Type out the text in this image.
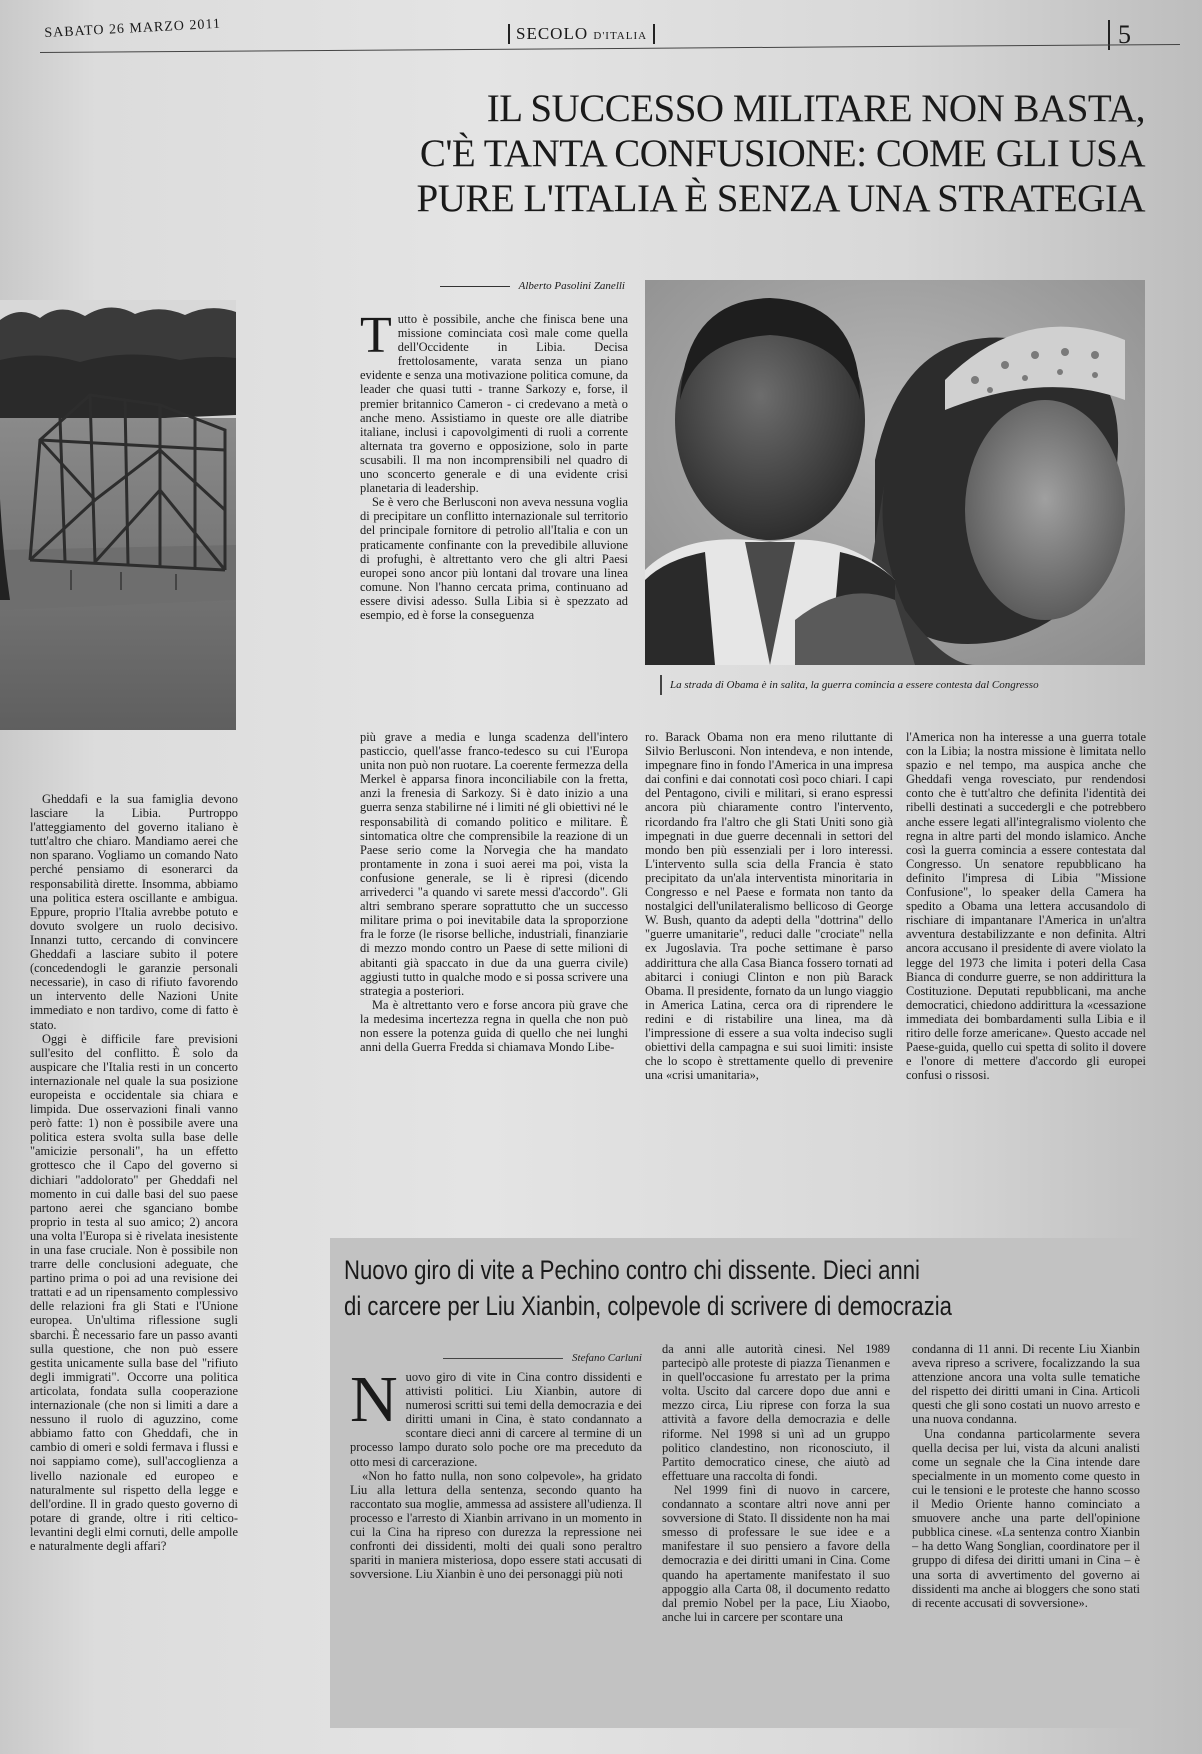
SABATO 26 MARZO 2011	SECOLO D'ITALIA	5
IL SUCCESSO MILITARE NON BASTA,
C'È TANTA CONFUSIONE: COME GLI USA
PURE L'ITALIA È SENZA UNA STRATEGIA
Alberto Pasolini Zanelli
La strada di Obama è in salita, la guerra comincia a essere contesta dal Congresso
T utto è possibile, anche che finisca bene una missione cominciata così male come quella dell'Occidente in Libia. Decisa frettolosamente, varata senza un piano evidente e senza una motivazione politica comune, da leader che quasi tutti - tranne Sarkozy e, forse, il premier britannico Cameron - ci credevano a metà o anche meno. Assistiamo in queste ore alle diatribe italiane, inclusi i capovolgimenti di ruoli a corrente alternata tra governo e opposizione, solo in parte scusabili. Il ma non incomprensibili nel quadro di uno sconcerto generale e di una evidente crisi planetaria di leadership.

Se è vero che Berlusconi non aveva nessuna voglia di precipitare un conflitto internazionale sul territorio del principale fornitore di petrolio all'Italia e con un praticamente confinante con la prevedibile alluvione di profughi, è altrettanto vero che gli altri Paesi europei sono ancor più lontani dal trovare una linea comune. Non l'hanno cercata prima, continuano ad essere divisi adesso. Sulla Libia si è spezzato ad esempio, ed è forse la conseguenza

più grave a media e lunga scadenza dell'intero pasticcio, quell'asse franco-tedesco su cui l'Europa unita non può non ruotare. La coerente fermezza della Merkel è apparsa finora inconciliabile con la fretta, anzi la frenesia di Sarkozy. Si è dato inizio a una guerra senza stabilirne né i limiti né gli obiettivi né le responsabilità di comando politico e militare. È sintomatica oltre che comprensibile la reazione di un Paese serio come la Norvegia che ha mandato prontamente in zona i suoi aerei ma poi, vista la confusione generale, se li è ripresi (dicendo arrivederci "a quando vi sarete messi d'accordo". Gli altri sembrano sperare soprattutto che un successo militare prima o poi inevitabile data la sproporzione fra le forze (le risorse belliche, industriali, finanziarie di mezzo mondo contro un Paese di sette milioni di abitanti già spaccato in due da una guerra civile) aggiusti tutto in qualche modo e si possa scrivere una strategia a posteriori.

Ma è altrettanto vero e forse ancora più grave che la medesima incertezza regna in quella che non può non essere la potenza guida di quello che nei lunghi anni della Guerra Fredda si chiamava Mondo Libe-

ro. Barack Obama non era meno riluttante di Silvio Berlusconi. Non intendeva, e non intende, impegnare fino in fondo l'America in una impresa dai confini e dai connotati così poco chiari. I capi del Pentagono, civili e militari, si erano espressi ancora più chiaramente contro l'intervento, ricordando fra l'altro che gli Stati Uniti sono già impegnati in due guerre decennali in settori del mondo ben più essenziali per i loro interessi. L'intervento sulla scia della Francia è stato precipitato da un'ala interventista minoritaria in Congresso e nel Paese e formata non tanto da nostalgici dell'unilateralismo bellicoso di George W. Bush, quanto da adepti della "dottrina" dello "guerre umanitarie", reduci dalle "crociate" nella ex Jugoslavia. Tra poche settimane è parso addirittura che alla Casa Bianca fossero tornati ad abitarci i coniugi Clinton e non più Barack Obama. Il presidente, fornato da un lungo viaggio in America Latina, cerca ora di riprendere le redini e di ristabilire una linea, ma dà l'impressione di essere a sua volta indeciso sugli obiettivi della campagna e sui suoi limiti: insiste che lo scopo è strettamente quello di prevenire una «crisi umanitaria»,

l'America non ha interesse a una guerra totale con la Libia; la nostra missione è limitata nello spazio e nel tempo, ma auspica anche che Gheddafi venga rovesciato, pur rendendosi conto che è tutt'altro che definita l'identità dei ribelli destinati a succedergli e che potrebbero anche essere legati all'integralismo violento che regna in altre parti del mondo islamico. Anche così la guerra comincia a essere contestata dal Congresso. Un senatore repubblicano ha definito l'impresa di Libia "Missione Confusione", lo speaker della Camera ha spedito a Obama una lettera accusandolo di rischiare di impantanare l'America in un'altra avventura destabilizzante e non definita. Altri ancora accusano il presidente di avere violato la legge del 1973 che limita i poteri della Casa Bianca di condurre guerre, se non addirittura la Costituzione. Deputati repubblicani, ma anche democratici, chiedono addirittura la «cessazione immediata dei bombardamenti sulla Libia e il ritiro delle forze americane». Questo accade nel Paese-guida, quello cui spetta di solito il dovere e l'onore di mettere d'accordo gli europei confusi o rissosi.

Gheddafi e la sua famiglia devono lasciare la Libia. Purtroppo l'atteggiamento del governo italiano è tutt'altro che chiaro. Mandiamo aerei che non sparano. Vogliamo un comando Nato perché pensiamo di esonerarci da responsabilità dirette. Insomma, abbiamo una politica estera oscillante e ambigua. Eppure, proprio l'Italia avrebbe potuto e dovuto svolgere un ruolo decisivo. Innanzi tutto, cercando di convincere Gheddafi a lasciare subito il potere (concedendogli le garanzie personali necessarie), in caso di rifiuto favorendo un intervento delle Nazioni Unite immediato e non tardivo, come di fatto è stato.

Oggi è difficile fare previsioni sull'esito del conflitto. È solo da auspicare che l'Italia resti in un concerto internazionale nel quale la sua posizione europeista e occidentale sia chiara e limpida. Due osservazioni finali vanno però fatte: 1) non è possibile avere una politica estera svolta sulla base delle "amicizie personali", ha un effetto grottesco che il Capo del governo si dichiari "addolorato" per Gheddafi nel momento in cui dalle basi del suo paese partono aerei che sganciano bombe proprio in testa al suo amico; 2) ancora una volta l'Europa si è rivelata inesistente in una fase cruciale. Non è possibile non trarre delle conclusioni adeguate, che partino prima o poi ad una revisione dei trattati e ad un ripensamento complessivo delle relazioni fra gli Stati e l'Unione europea. Un'ultima riflessione sugli sbarchi. È necessario fare un passo avanti sulla questione, che non può essere gestita unicamente sulla base del "rifiuto degli immigrati". Occorre una politica articolata, fondata sulla cooperazione internazionale (che non si limiti a dare a nessuno il ruolo di aguzzino, come abbiamo fatto con Gheddafi, che in cambio di omeri e soldi fermava i flussi e noi sappiamo come), sull'accoglienza a livello nazionale ed europeo e naturalmente sul rispetto della legge e dell'ordine. Il in grado questo governo di potare di grande, oltre i riti celtico-levantini degli elmi cornuti, delle ampolle e naturalmente degli affari?

Nuovo giro di vite a Pechino contro chi dissente. Dieci anni
di carcere per Liu Xianbin, colpevole di scrivere di democrazia
Stefano Carluni
N uovo giro di vite in Cina contro dissidenti e attivisti politici. Liu Xianbin, autore di numerosi scritti sui temi della democrazia e dei diritti umani in Cina, è stato condannato a scontare dieci anni di carcere al termine di un processo lampo durato solo poche ore ma preceduto da otto mesi di carcerazione.

«Non ho fatto nulla, non sono colpevole», ha gridato Liu alla lettura della sentenza, secondo quanto ha raccontato sua moglie, ammessa ad assistere all'udienza. Il processo e l'arresto di Xianbin arrivano in un momento in cui la Cina ha ripreso con durezza la repressione nei confronti dei dissidenti, molti dei quali sono peraltro spariti in maniera misteriosa, dopo essere stati accusati di sovversione. Liu Xianbin è uno dei personaggi più noti

da anni alle autorità cinesi. Nel 1989 partecipò alle proteste di piazza Tienanmen e in quell'occasione fu arrestato per la prima volta. Uscito dal carcere dopo due anni e mezzo circa, Liu riprese con forza la sua attività a favore della democrazia e delle riforme. Nel 1998 si unì ad un gruppo politico clandestino, non riconosciuto, il Partito democratico cinese, che aiutò ad effettuare una raccolta di fondi.

Nel 1999 finì di nuovo in carcere, condannato a scontare altri nove anni per sovversione di Stato. Il dissidente non ha mai smesso di professare le sue idee e a manifestare il suo pensiero a favore della democrazia e dei diritti umani in Cina. Come quando ha apertamente manifestato il suo appoggio alla Carta 08, il documento redatto dal premio Nobel per la pace, Liu Xiaobo, anche lui in carcere per scontare una

condanna di 11 anni. Di recente Liu Xianbin aveva ripreso a scrivere, focalizzando la sua attenzione ancora una volta sulle tematiche del rispetto dei diritti umani in Cina. Articoli questi che gli sono costati un nuovo arresto e una nuova condanna.

Una condanna particolarmente severa quella decisa per lui, vista da alcuni analisti come un segnale che la Cina intende dare specialmente in un momento come questo in cui le tensioni e le proteste che hanno scosso il Medio Oriente hanno cominciato a smuovere anche una parte dell'opinione pubblica cinese. «La sentenza contro Xianbin – ha detto Wang Songlian, coordinatore per il gruppo di difesa dei diritti umani in Cina – è una sorta di avvertimento del governo ai dissidenti ma anche ai bloggers che sono stati di recente accusati di sovversione».
